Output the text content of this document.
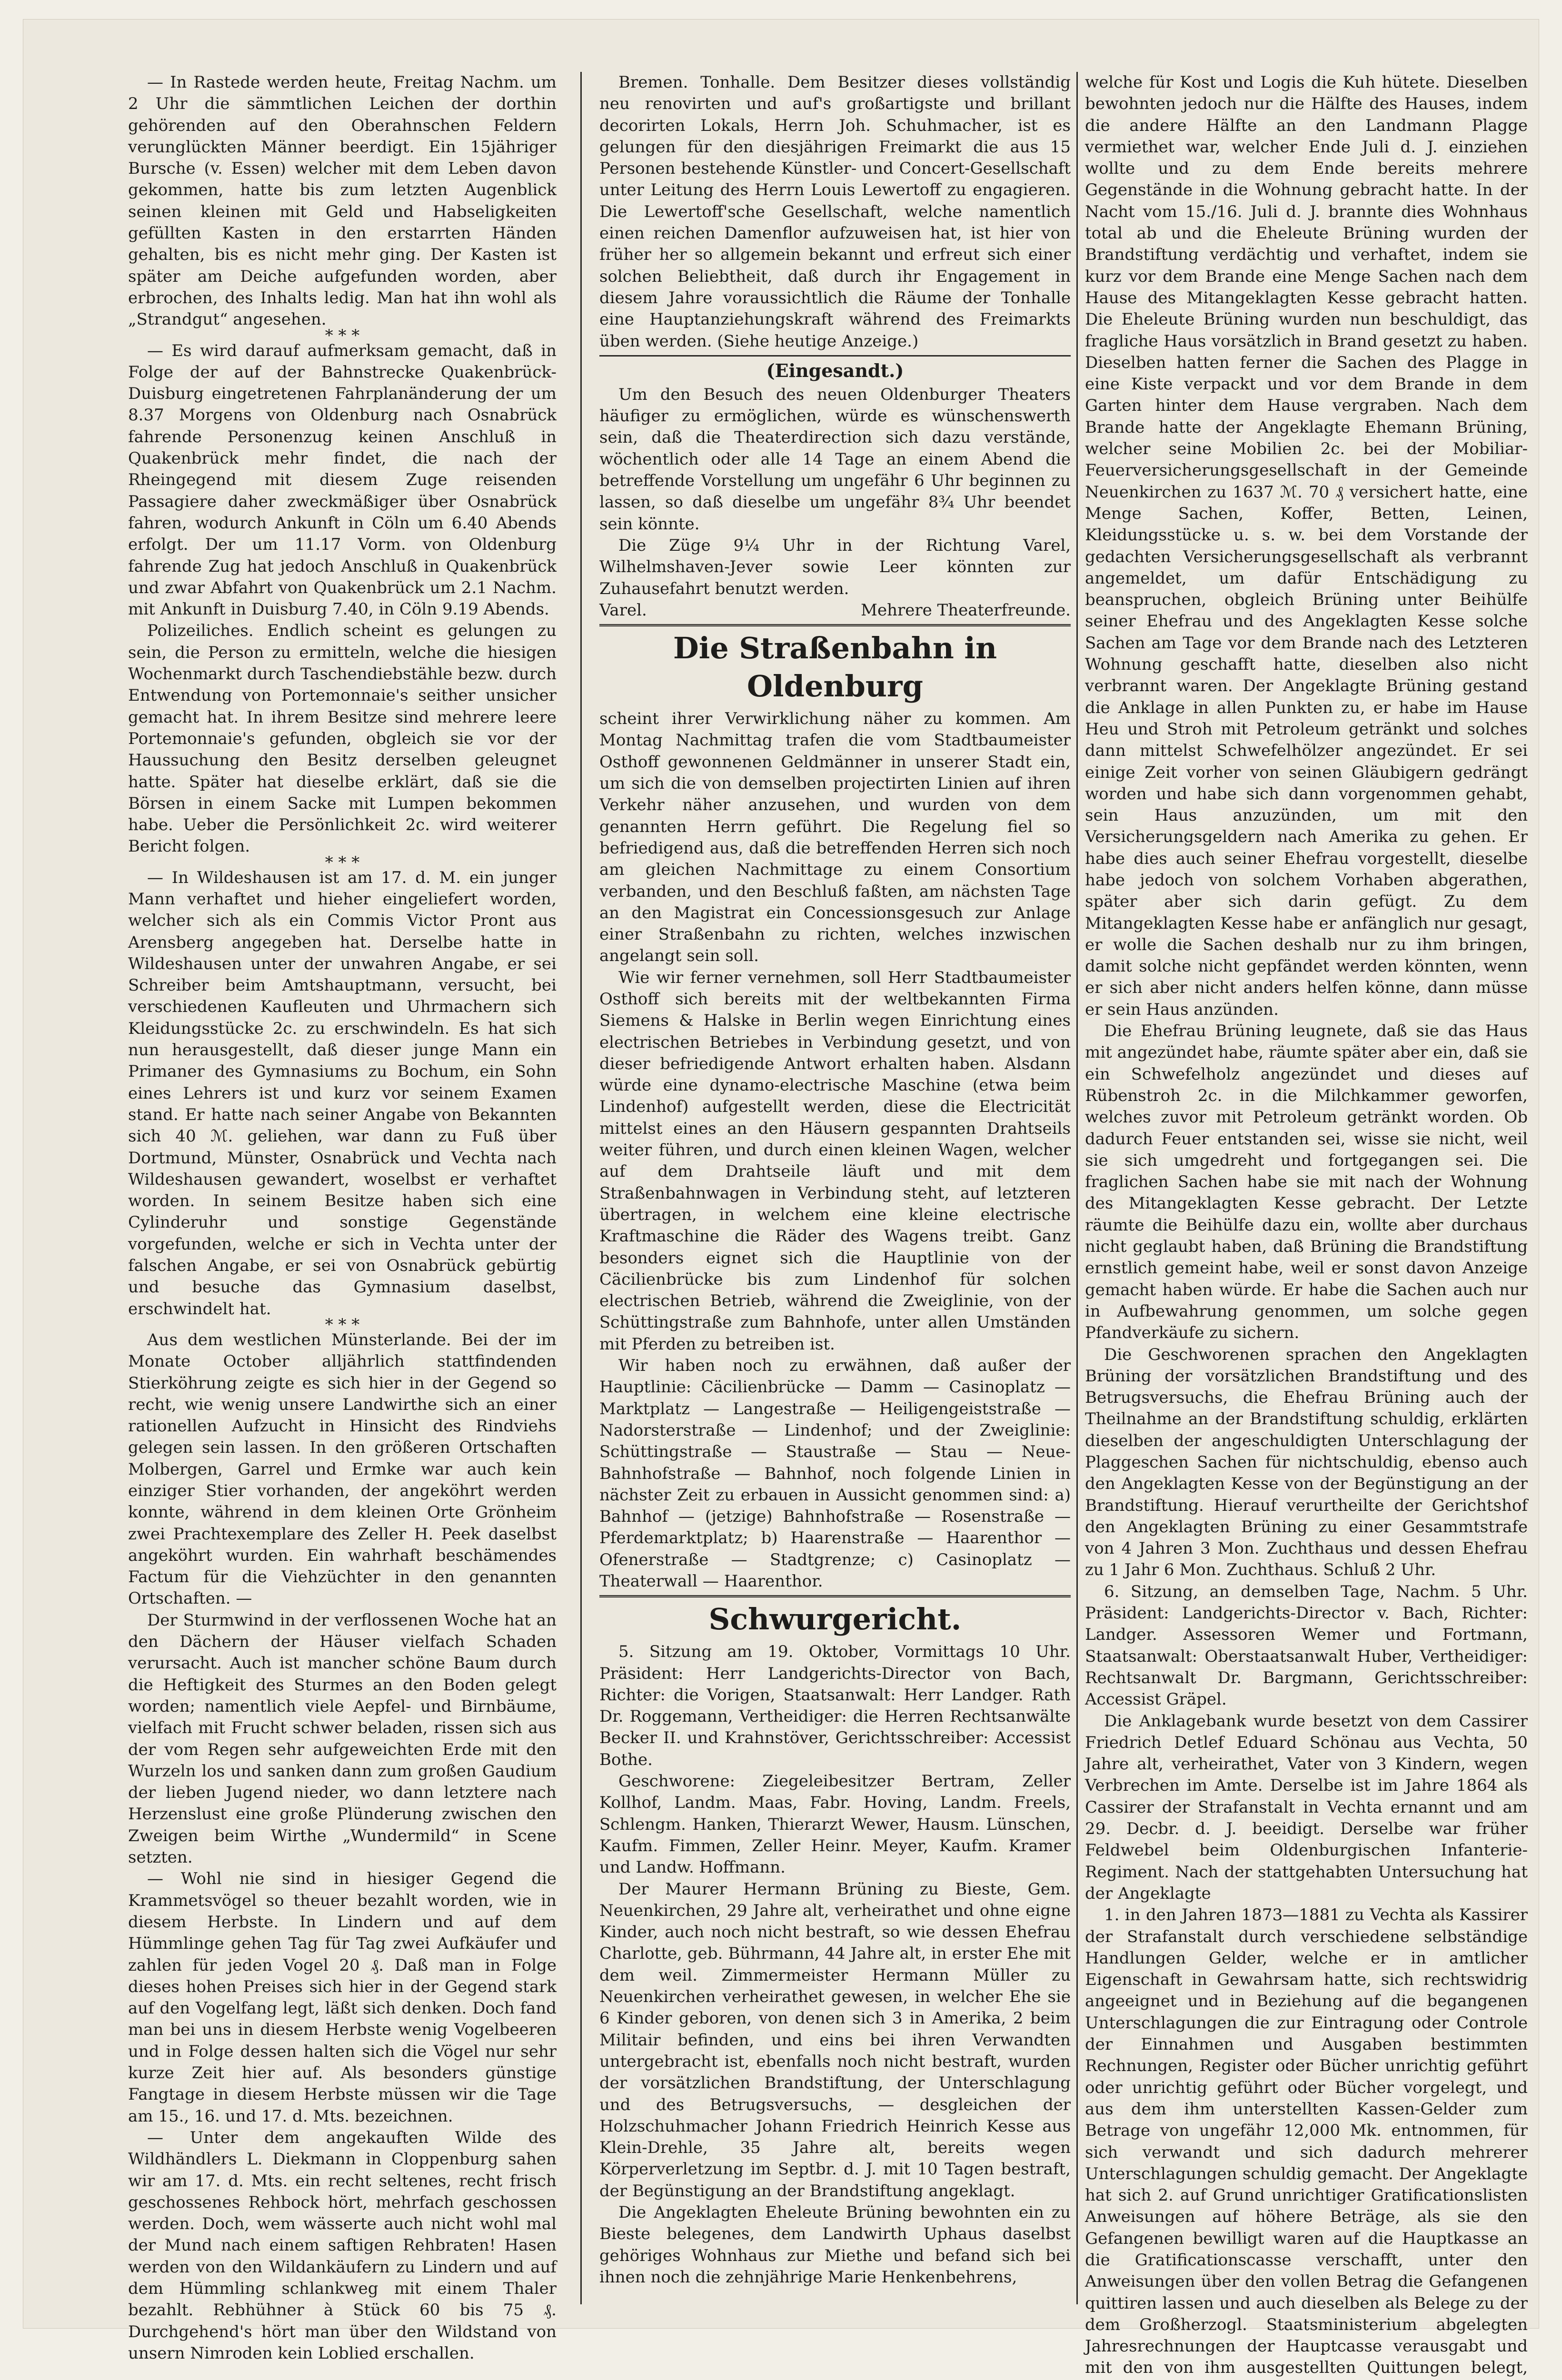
— In Rastede werden heute, Freitag Nachm. um 2 Uhr die sämmtlichen Leichen der dorthin gehörenden auf den Oberahnschen Feldern verunglückten Männer beerdigt. Ein 15jähriger Bursche (v. Essen) welcher mit dem Leben davon gekommen, hatte bis zum letzten Augenblick seinen kleinen mit Geld und Habseligkeiten gefüllten Kasten in den erstarrten Händen gehalten, bis es nicht mehr ging. Der Kasten ist später am Deiche aufgefunden worden, aber erbrochen, des Inhalts ledig. Man hat ihn wohl als „Strandgut“ angesehen.

* * *

— Es wird darauf aufmerksam gemacht, daß in Folge der auf der Bahnstrecke Quakenbrück-Duisburg eingetretenen Fahrplanänderung der um 8.37 Morgens von Oldenburg nach Osnabrück fahrende Personenzug keinen Anschluß in Quakenbrück mehr findet, die nach der Rheingegend mit diesem Zuge reisenden Passagiere daher zweckmäßiger über Osnabrück fahren, wodurch Ankunft in Cöln um 6.40 Abends erfolgt. Der um 11.17 Vorm. von Oldenburg fahrende Zug hat jedoch Anschluß in Quakenbrück und zwar Abfahrt von Quakenbrück um 2.1 Nachm. mit Ankunft in Duisburg 7.40, in Cöln 9.19 Abends.

Polizeiliches. Endlich scheint es gelungen zu sein, die Person zu ermitteln, welche die hiesigen Wochenmarkt durch Taschendiebstähle bezw. durch Entwendung von Portemonnaie's seither unsicher gemacht hat. In ihrem Besitze sind mehrere leere Portemonnaie's gefunden, obgleich sie vor der Haussuchung den Besitz derselben geleugnet hatte. Später hat dieselbe erklärt, daß sie die Börsen in einem Sacke mit Lumpen bekommen habe. Ueber die Persönlichkeit 2c. wird weiterer Bericht folgen.

* * *

— In Wildeshausen ist am 17. d. M. ein junger Mann verhaftet und hieher eingeliefert worden, welcher sich als ein Commis Victor Pront aus Arensberg angegeben hat. Derselbe hatte in Wildeshausen unter der unwahren Angabe, er sei Schreiber beim Amtshauptmann, versucht, bei verschiedenen Kaufleuten und Uhrmachern sich Kleidungsstücke 2c. zu erschwindeln. Es hat sich nun herausgestellt, daß dieser junge Mann ein Primaner des Gymnasiums zu Bochum, ein Sohn eines Lehrers ist und kurz vor seinem Examen stand. Er hatte nach seiner Angabe von Bekannten sich 40 ℳ. geliehen, war dann zu Fuß über Dortmund, Münster, Osnabrück und Vechta nach Wildeshausen gewandert, woselbst er verhaftet worden. In seinem Besitze haben sich eine Cylinderuhr und sonstige Gegenstände vorgefunden, welche er sich in Vechta unter der falschen Angabe, er sei von Osnabrück gebürtig und besuche das Gymnasium daselbst, erschwindelt hat.

* * *

Aus dem westlichen Münsterlande. Bei der im Monate October alljährlich stattfindenden Stierköhrung zeigte es sich hier in der Gegend so recht, wie wenig unsere Landwirthe sich an einer rationellen Aufzucht in Hinsicht des Rindviehs gelegen sein lassen. In den größeren Ortschaften Molbergen, Garrel und Ermke war auch kein einziger Stier vorhanden, der angeköhrt werden konnte, während in dem kleinen Orte Grönheim zwei Prachtexemplare des Zeller H. Peek daselbst angeköhrt wurden. Ein wahrhaft beschämendes Factum für die Viehzüchter in den genannten Ortschaften. —

Der Sturmwind in der verflossenen Woche hat an den Dächern der Häuser vielfach Schaden verursacht. Auch ist mancher schöne Baum durch die Heftigkeit des Sturmes an den Boden gelegt worden; namentlich viele Aepfel- und Birnbäume, vielfach mit Frucht schwer beladen, rissen sich aus der vom Regen sehr aufgeweichten Erde mit den Wurzeln los und sanken dann zum großen Gaudium der lieben Jugend nieder, wo dann letztere nach Herzenslust eine große Plünderung zwischen den Zweigen beim Wirthe „Wundermild“ in Scene setzten.

— Wohl nie sind in hiesiger Gegend die Krammetsvögel so theuer bezahlt worden, wie in diesem Herbste. In Lindern und auf dem Hümmlinge gehen Tag für Tag zwei Aufkäufer und zahlen für jeden Vogel 20 ₰. Daß man in Folge dieses hohen Preises sich hier in der Gegend stark auf den Vogelfang legt, läßt sich denken. Doch fand man bei uns in diesem Herbste wenig Vogelbeeren und in Folge dessen halten sich die Vögel nur sehr kurze Zeit hier auf. Als besonders günstige Fangtage in diesem Herbste müssen wir die Tage am 15., 16. und 17. d. Mts. bezeichnen.

— Unter dem angekauften Wilde des Wildhändlers L. Diekmann in Cloppenburg sahen wir am 17. d. Mts. ein recht seltenes, recht frisch geschossenes Rehbock hört, mehrfach geschossen werden. Doch, wem wässerte auch nicht wohl mal der Mund nach einem saftigen Rehbraten! Hasen werden von den Wildankäufern zu Lindern und auf dem Hümmling schlankweg mit einem Thaler bezahlt. Rebhühner à Stück 60 bis 75 ₰. Durchgehend's hört man über den Wildstand von unsern Nimroden kein Loblied erschallen.

Bremen. Tonhalle. Dem Besitzer dieses vollständig neu renovirten und auf's großartigste und brillant decorirten Lokals, Herrn Joh. Schuhmacher, ist es gelungen für den diesjährigen Freimarkt die aus 15 Personen bestehende Künstler- und Concert-Gesellschaft unter Leitung des Herrn Louis Lewertoff zu engagieren. Die Lewertoff'sche Gesellschaft, welche namentlich einen reichen Damenflor aufzuweisen hat, ist hier von früher her so allgemein bekannt und erfreut sich einer solchen Beliebtheit, daß durch ihr Engagement in diesem Jahre voraussichtlich die Räume der Tonhalle eine Hauptanziehungskraft während des Freimarkts üben werden. (Siehe heutige Anzeige.)

(Eingesandt.)

Um den Besuch des neuen Oldenburger Theaters häufiger zu ermöglichen, würde es wünschenswerth sein, daß die Theaterdirection sich dazu verstände, wöchentlich oder alle 14 Tage an einem Abend die betreffende Vorstellung um ungefähr 6 Uhr beginnen zu lassen, so daß dieselbe um ungefähr 8¾ Uhr beendet sein könnte.

Die Züge 9¼ Uhr in der Richtung Varel, Wilhelmshaven-Jever sowie Leer könnten zur Zuhausefahrt benutzt werden.

Varel.	Mehrere Theaterfreunde.
Die Straßenbahn in Oldenburg

scheint ihrer Verwirklichung näher zu kommen. Am Montag Nachmittag trafen die vom Stadtbaumeister Osthoff gewonnenen Geldmänner in unserer Stadt ein, um sich die von demselben projectirten Linien auf ihren Verkehr näher anzusehen, und wurden von dem genannten Herrn geführt. Die Regelung fiel so befriedigend aus, daß die betreffenden Herren sich noch am gleichen Nachmittage zu einem Consortium verbanden, und den Beschluß faßten, am nächsten Tage an den Magistrat ein Concessionsgesuch zur Anlage einer Straßenbahn zu richten, welches inzwischen angelangt sein soll.

Wie wir ferner vernehmen, soll Herr Stadtbaumeister Osthoff sich bereits mit der weltbekannten Firma Siemens & Halske in Berlin wegen Einrichtung eines electrischen Betriebes in Verbindung gesetzt, und von dieser befriedigende Antwort erhalten haben. Alsdann würde eine dynamo-electrische Maschine (etwa beim Lindenhof) aufgestellt werden, diese die Electricität mittelst eines an den Häusern gespannten Drahtseils weiter führen, und durch einen kleinen Wagen, welcher auf dem Drahtseile läuft und mit dem Straßenbahnwagen in Verbindung steht, auf letzteren übertragen, in welchem eine kleine electrische Kraftmaschine die Räder des Wagens treibt. Ganz besonders eignet sich die Hauptlinie von der Cäcilienbrücke bis zum Lindenhof für solchen electrischen Betrieb, während die Zweiglinie, von der Schüttingstraße zum Bahnhofe, unter allen Umständen mit Pferden zu betreiben ist.

Wir haben noch zu erwähnen, daß außer der Hauptlinie: Cäcilienbrücke — Damm — Casinoplatz — Marktplatz — Langestraße — Heiligengeiststraße — Nadorsterstraße — Lindenhof; und der Zweiglinie: Schüttingstraße — Staustraße — Stau — Neue-Bahnhofstraße — Bahnhof, noch folgende Linien in nächster Zeit zu erbauen in Aussicht genommen sind: a) Bahnhof — (jetzige) Bahnhofstraße — Rosenstraße — Pferdemarktplatz; b) Haarenstraße — Haarenthor — Ofenerstraße — Stadtgrenze; c) Casinoplatz — Theaterwall — Haarenthor.

Schwurgericht.

5. Sitzung am 19. Oktober, Vormittags 10 Uhr. Präsident: Herr Landgerichts-Director von Bach, Richter: die Vorigen, Staatsanwalt: Herr Landger. Rath Dr. Roggemann, Vertheidiger: die Herren Rechtsanwälte Becker II. und Krahnstöver, Gerichtsschreiber: Accessist Bothe.

Geschworene: Ziegeleibesitzer Bertram, Zeller Kollhof, Landm. Maas, Fabr. Hoving, Landm. Freels, Schlengm. Hanken, Thierarzt Wewer, Hausm. Lünschen, Kaufm. Fimmen, Zeller Heinr. Meyer, Kaufm. Kramer und Landw. Hoffmann.

Der Maurer Hermann Brüning zu Bieste, Gem. Neuenkirchen, 29 Jahre alt, verheirathet und ohne eigne Kinder, auch noch nicht bestraft, so wie dessen Ehefrau Charlotte, geb. Bührmann, 44 Jahre alt, in erster Ehe mit dem weil. Zimmermeister Hermann Müller zu Neuenkirchen verheirathet gewesen, in welcher Ehe sie 6 Kinder geboren, von denen sich 3 in Amerika, 2 beim Militair befinden, und eins bei ihren Verwandten untergebracht ist, ebenfalls noch nicht bestraft, wurden der vorsätzlichen Brandstiftung, der Unterschlagung und des Betrugsversuchs, — desgleichen der Holzschuhmacher Johann Friedrich Heinrich Kesse aus Klein-Drehle, 35 Jahre alt, bereits wegen Körperverletzung im Septbr. d. J. mit 10 Tagen bestraft, der Begünstigung an der Brandstiftung angeklagt.

Die Angeklagten Eheleute Brüning bewohnten ein zu Bieste belegenes, dem Landwirth Uphaus daselbst gehöriges Wohnhaus zur Miethe und befand sich bei ihnen noch die zehnjährige Marie Henkenbehrens,

welche für Kost und Logis die Kuh hütete. Dieselben bewohnten jedoch nur die Hälfte des Hauses, indem die andere Hälfte an den Landmann Plagge vermiethet war, welcher Ende Juli d. J. einziehen wollte und zu dem Ende bereits mehrere Gegenstände in die Wohnung gebracht hatte. In der Nacht vom 15./16. Juli d. J. brannte dies Wohnhaus total ab und die Eheleute Brüning wurden der Brandstiftung verdächtig und verhaftet, indem sie kurz vor dem Brande eine Menge Sachen nach dem Hause des Mitangeklagten Kesse gebracht hatten. Die Eheleute Brüning wurden nun beschuldigt, das fragliche Haus vorsätzlich in Brand gesetzt zu haben. Dieselben hatten ferner die Sachen des Plagge in eine Kiste verpackt und vor dem Brande in dem Garten hinter dem Hause vergraben. Nach dem Brande hatte der Angeklagte Ehemann Brüning, welcher seine Mobilien 2c. bei der Mobiliar-Feuerversicherungsgesellschaft in der Gemeinde Neuenkirchen zu 1637 ℳ. 70 ₰ versichert hatte, eine Menge Sachen, Koffer, Betten, Leinen, Kleidungsstücke u. s. w. bei dem Vorstande der gedachten Versicherungsgesellschaft als verbrannt angemeldet, um dafür Entschädigung zu beanspruchen, obgleich Brüning unter Beihülfe seiner Ehefrau und des Angeklagten Kesse solche Sachen am Tage vor dem Brande nach des Letzteren Wohnung geschafft hatte, dieselben also nicht verbrannt waren. Der Angeklagte Brüning gestand die Anklage in allen Punkten zu, er habe im Hause Heu und Stroh mit Petroleum getränkt und solches dann mittelst Schwefelhölzer angezündet. Er sei einige Zeit vorher von seinen Gläubigern gedrängt worden und habe sich dann vorgenommen gehabt, sein Haus anzuzünden, um mit den Versicherungsgeldern nach Amerika zu gehen. Er habe dies auch seiner Ehefrau vorgestellt, dieselbe habe jedoch von solchem Vorhaben abgerathen, später aber sich darin gefügt. Zu dem Mitangeklagten Kesse habe er anfänglich nur gesagt, er wolle die Sachen deshalb nur zu ihm bringen, damit solche nicht gepfändet werden könnten, wenn er sich aber nicht anders helfen könne, dann müsse er sein Haus anzünden.

Die Ehefrau Brüning leugnete, daß sie das Haus mit angezündet habe, räumte später aber ein, daß sie ein Schwefelholz angezündet und dieses auf Rübenstroh 2c. in die Milchkammer geworfen, welches zuvor mit Petroleum getränkt worden. Ob dadurch Feuer entstanden sei, wisse sie nicht, weil sie sich umgedreht und fortgegangen sei. Die fraglichen Sachen habe sie mit nach der Wohnung des Mitangeklagten Kesse gebracht. Der Letzte räumte die Beihülfe dazu ein, wollte aber durchaus nicht geglaubt haben, daß Brüning die Brandstiftung ernstlich gemeint habe, weil er sonst davon Anzeige gemacht haben würde. Er habe die Sachen auch nur in Aufbewahrung genommen, um solche gegen Pfandverkäufe zu sichern.

Die Geschworenen sprachen den Angeklagten Brüning der vorsätzlichen Brandstiftung und des Betrugsversuchs, die Ehefrau Brüning auch der Theilnahme an der Brandstiftung schuldig, erklärten dieselben der angeschuldigten Unterschlagung der Plaggeschen Sachen für nichtschuldig, ebenso auch den Angeklagten Kesse von der Begünstigung an der Brandstiftung. Hierauf verurtheilte der Gerichtshof den Angeklagten Brüning zu einer Gesammtstrafe von 4 Jahren 3 Mon. Zuchthaus und dessen Ehefrau zu 1 Jahr 6 Mon. Zuchthaus. Schluß 2 Uhr.

6. Sitzung, an demselben Tage, Nachm. 5 Uhr. Präsident: Landgerichts-Director v. Bach, Richter: Landger. Assessoren Wemer und Fortmann, Staatsanwalt: Oberstaatsanwalt Huber, Vertheidiger: Rechtsanwalt Dr. Bargmann, Gerichtsschreiber: Accessist Gräpel.

Die Anklagebank wurde besetzt von dem Cassirer Friedrich Detlef Eduard Schönau aus Vechta, 50 Jahre alt, verheirathet, Vater von 3 Kindern, wegen Verbrechen im Amte. Derselbe ist im Jahre 1864 als Cassirer der Strafanstalt in Vechta ernannt und am 29. Decbr. d. J. beeidigt. Derselbe war früher Feldwebel beim Oldenburgischen Infanterie-Regiment. Nach der stattgehabten Untersuchung hat der Angeklagte

1. in den Jahren 1873—1881 zu Vechta als Kassirer der Strafanstalt durch verschiedene selbständige Handlungen Gelder, welche er in amtlicher Eigenschaft in Gewahrsam hatte, sich rechtswidrig angeeignet und in Beziehung auf die begangenen Unterschlagungen die zur Eintragung oder Controle der Einnahmen und Ausgaben bestimmten Rechnungen, Register oder Bücher unrichtig geführt oder unrichtig geführt oder Bücher vorgelegt, und aus dem ihm unterstellten Kassen-Gelder zum Betrage von ungefähr 12,000 Mk. entnommen, für sich verwandt und sich dadurch mehrerer Unterschlagungen schuldig gemacht. Der Angeklagte hat sich 2. auf Grund unrichtiger Gratificationslisten Anweisungen auf höhere Beträge, als sie den Gefangenen bewilligt waren auf die Hauptkasse an die Gratificationscasse verschafft, unter den Anweisungen über den vollen Betrag die Gefangenen quittiren lassen und auch dieselben als Belege zu der dem Großherzogl. Staatsministerium abgelegten Jahresrechnungen der Hauptcasse verausgabt und mit den von ihm ausgestellten Quittungen belegt,
